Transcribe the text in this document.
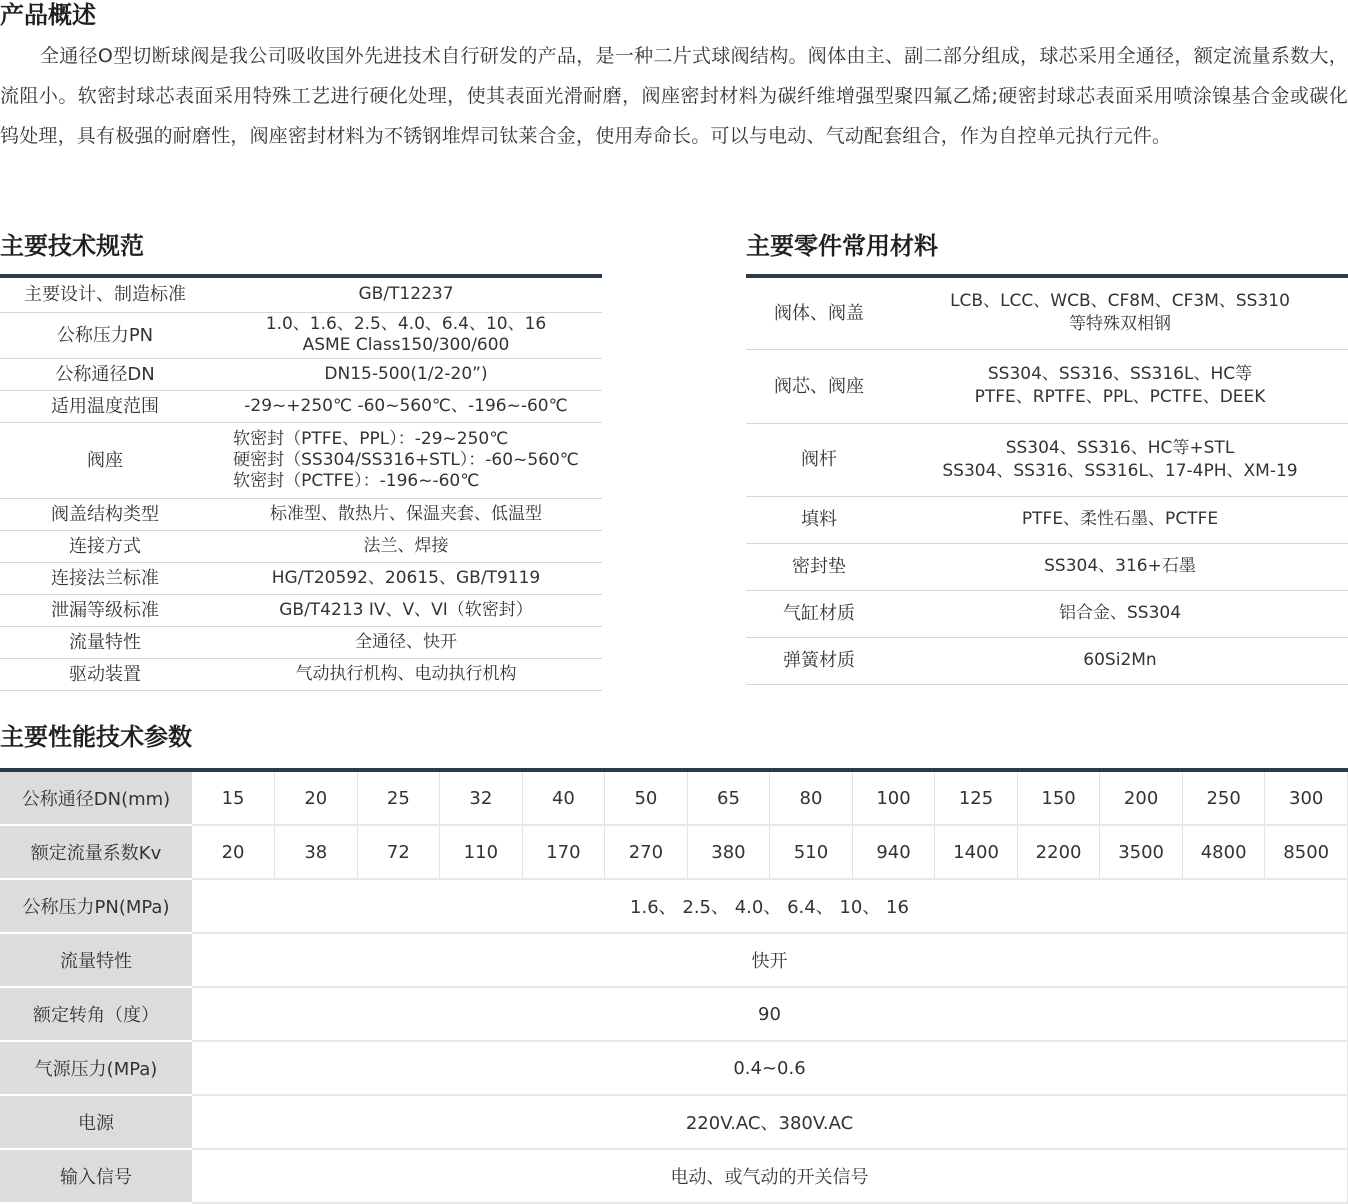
产品概述

全通径O型切断球阀是我公司吸收国外先进技术自行研发的产品，是一种二片式球阀结构。阀体由主、副二部分组成，球芯采用全通径，额定流量系数大，流阻小。软密封球芯表面采用特殊工艺进行硬化处理，使其表面光滑耐磨，阀座密封材料为碳纤维增强型聚四氟乙烯;硬密封球芯表面采用喷涂镍基合金或碳化钨处理，具有极强的耐磨性，阀座密封材料为不锈钢堆焊司钛莱合金，使用寿命长。可以与电动、气动配套组合，作为自控单元执行元件。

主要技术规范
主要设计、制造标准	GB/T12237

公称压力PN	1.0、1.6、2.5、4.0、6.4、10、16
ASME Class150/300/600

公称通径DN	DN15-500(1/2-20”)

适用温度范围	-29~+250℃ -60~560℃、-196~-60℃

阀座	软密封（PTFE、PPL）：-29~250℃
硬密封（SS304/SS316+STL）：-60~560℃
软密封（PCTFE）：-196~-60℃

阀盖结构类型	标准型、散热片、保温夹套、低温型

连接方式	法兰、焊接

连接法兰标准	HG/T20592、20615、GB/T9119

泄漏等级标准	GB/T4213 IV、V、VI（软密封）

流量特性	全通径、快开

驱动装置	气动执行机构、电动执行机构
主要零件常用材料
阀体、阀盖	LCB、LCC、WCB、CF8M、CF3M、SS310
等特殊双相钢

阀芯、阀座	SS304、SS316、SS316L、HC等
PTFE、RPTFE、PPL、PCTFE、DEEK

阀杆	SS304、SS316、HC等+STL
SS304、SS316、SS316L、17-4PH、XM-19

填料	PTFE、柔性石墨、PCTFE

密封垫	SS304、316+石墨

气缸材质	铝合金、SS304

弹簧材质	60Si2Mn
主要性能技术参数
公称通径DN(mm)	15	20	25	32	40	50	65	80	100	125	150	200	250	300
额定流量系数Kv	20	38	72	110	170	270	380	510	940	1400	2200	3500	4800	8500
公称压力PN(MPa)	1.6、 2.5、 4.0、 6.4、 10、 16													
流量特性	快开													
额定转角（度）	90													
气源压力(MPa)	0.4~0.6													
电源	220V.AC、380V.AC													
输入信号	电动、或气动的开关信号													
